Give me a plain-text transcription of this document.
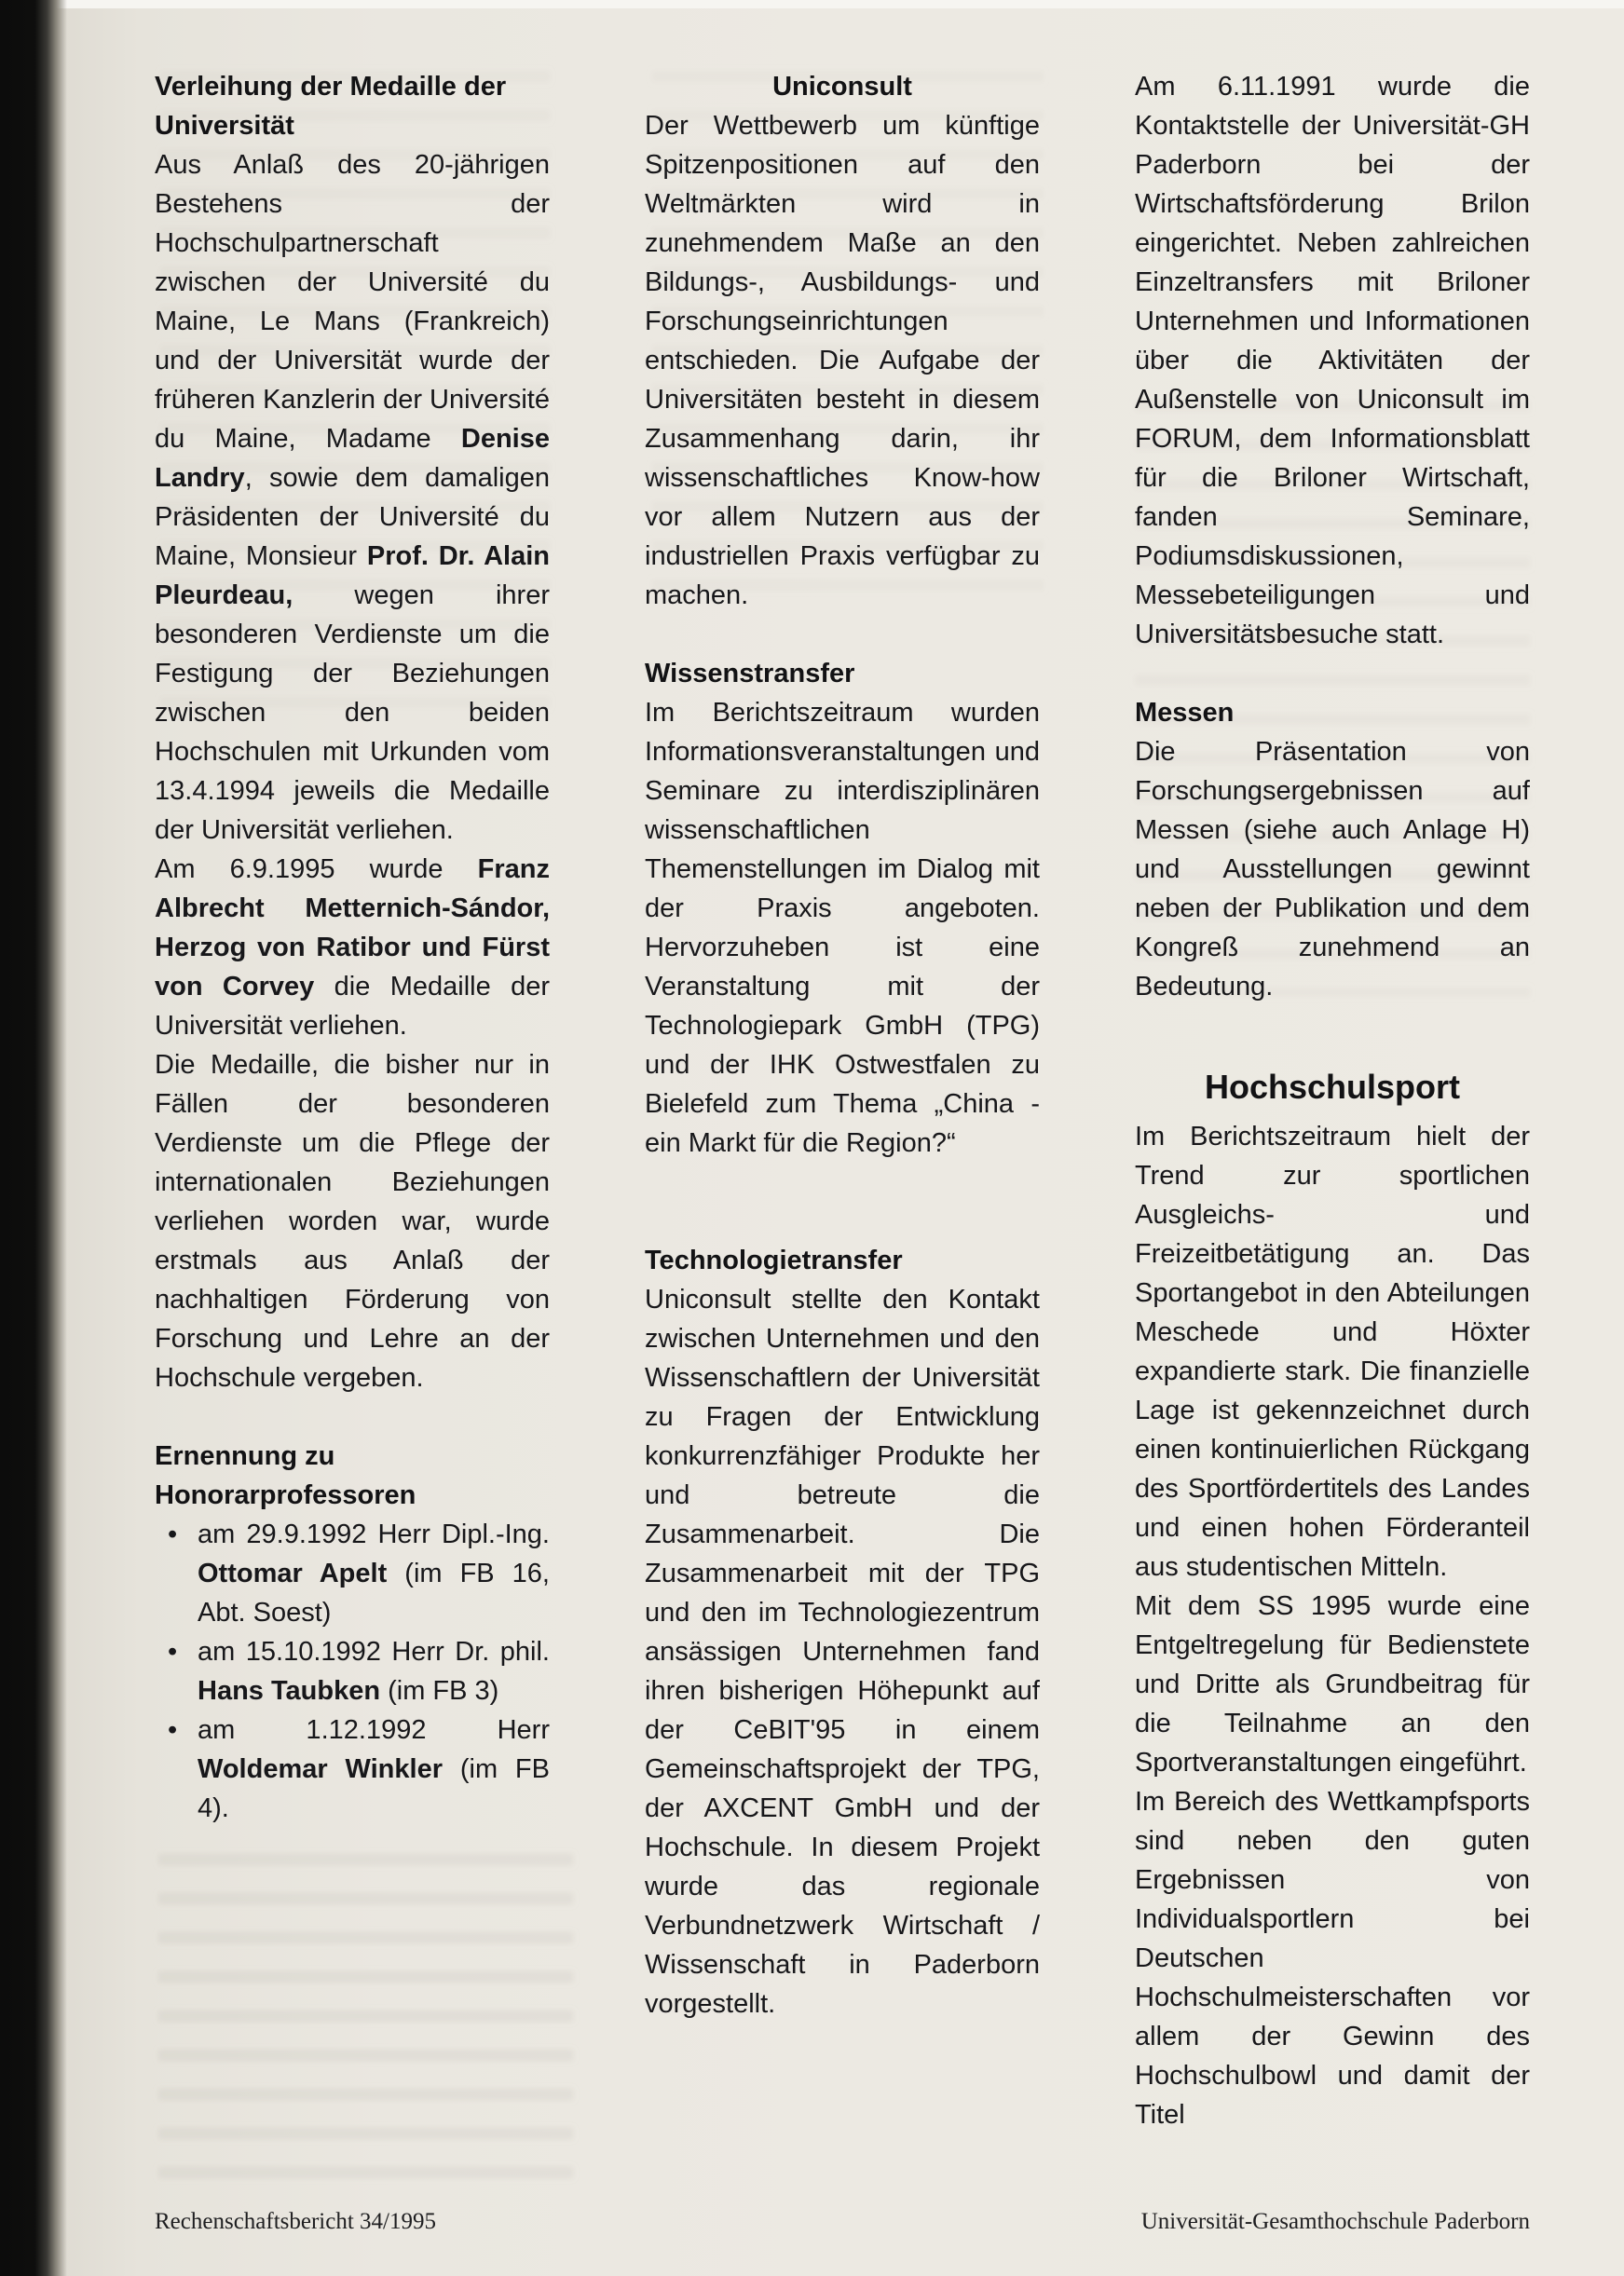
Verleihung der Medaille der Universität

Aus Anlaß des 20-jährigen Bestehens der Hochschulpartnerschaft zwischen der Université du Maine, Le Mans (Frankreich) und der Universität wurde der früheren Kanzlerin der Université du Maine, Madame Denise Landry, sowie dem damaligen Präsidenten der Université du Maine, Monsieur Prof. Dr. Alain Pleurdeau, wegen ihrer besonderen Verdienste um die Festigung der Beziehungen zwischen den beiden Hochschulen mit Urkunden vom 13.4.1994 jeweils die Medaille der Universität verliehen.

Am 6.9.1995 wurde Franz Albrecht Metternich-Sándor, Herzog von Ratibor und Fürst von Corvey die Medaille der Universität verliehen.

Die Medaille, die bisher nur in Fällen der besonderen Verdienste um die Pflege der internationalen Beziehungen verliehen worden war, wurde erstmals aus Anlaß der nachhaltigen Förderung von Forschung und Lehre an der Hochschule vergeben.

Ernennung zu Honorarprofessoren
• am 29.9.1992 Herr Dipl.-Ing. Ottomar Apelt (im FB 16, Abt. Soest)
• am 15.10.1992 Herr Dr. phil. Hans Taubken (im FB 3)
• am 1.12.1992 Herr Woldemar Winkler (im FB 4).
Uniconsult

Der Wettbewerb um künftige Spitzenpositionen auf den Weltmärkten wird in zunehmendem Maße an den Bildungs-, Ausbildungs- und Forschungseinrichtungen entschieden. Die Aufgabe der Universitäten besteht in diesem Zusammenhang darin, ihr wissenschaftliches Know-how vor allem Nutzern aus der industriellen Praxis verfügbar zu machen.

Wissenstransfer

Im Berichtszeitraum wurden Informationsveranstaltungen und Seminare zu interdisziplinären wissenschaftlichen Themenstellungen im Dialog mit der Praxis angeboten. Hervorzuheben ist eine Veranstaltung mit der Technologiepark GmbH (TPG) und der IHK Ostwestfalen zu Bielefeld zum Thema „China - ein Markt für die Region?“

Technologietransfer

Uniconsult stellte den Kontakt zwischen Unternehmen und den Wissenschaftlern der Universität zu Fragen der Entwicklung konkurrenzfähiger Produkte her und betreute die Zusammenarbeit. Die Zusammenarbeit mit der TPG und den im Technologiezentrum ansässigen Unternehmen fand ihren bisherigen Höhepunkt auf der CeBIT'95 in einem Gemeinschaftsprojekt der TPG, der AXCENT GmbH und der Hochschule. In diesem Projekt wurde das regionale Verbundnetzwerk Wirtschaft / Wissenschaft in Paderborn vorgestellt.

Am 6.11.1991 wurde die Kontaktstelle der Universität-GH Paderborn bei der Wirtschaftsförderung Brilon eingerichtet. Neben zahlreichen Einzeltransfers mit Briloner Unternehmen und Informationen über die Aktivitäten der Außenstelle von Uniconsult im FORUM, dem Informationsblatt für die Briloner Wirtschaft, fanden Seminare, Podiumsdiskussionen, Messebeteiligungen und Universitätsbesuche statt.

Messen

Die Präsentation von Forschungsergebnissen auf Messen (siehe auch Anlage H) und Ausstellungen gewinnt neben der Publikation und dem Kongreß zunehmend an Bedeutung.

Hochschulsport

Im Berichtszeitraum hielt der Trend zur sportlichen Ausgleichs- und Freizeitbetätigung an. Das Sportangebot in den Abteilungen Meschede und Höxter expandierte stark. Die finanzielle Lage ist gekennzeichnet durch einen kontinuierlichen Rückgang des Sportfördertitels des Landes und einen hohen Förderanteil aus studentischen Mitteln.

Mit dem SS 1995 wurde eine Entgeltregelung für Bedienstete und Dritte als Grundbeitrag für die Teilnahme an den Sportveranstaltungen eingeführt.

Im Bereich des Wettkampfsports sind neben den guten Ergebnissen von Individualsportlern bei Deutschen Hochschulmeisterschaften vor allem der Gewinn des Hochschulbowl und damit der Titel

Rechenschaftsbericht 34/1995	Universität-Gesamthochschule Paderborn
